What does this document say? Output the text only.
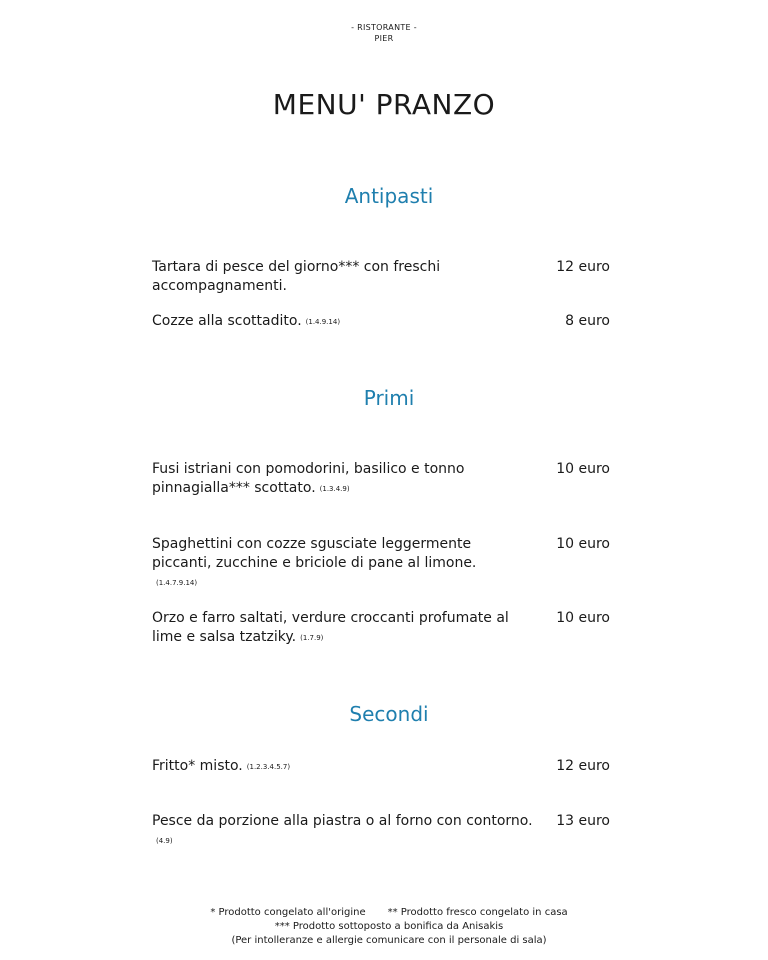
- RISTORANTE -
PIER
MENU' PRANZO
Antipasti
Tartara di pesce del giorno*** con freschi accompagnamenti.
12 euro
Cozze alla scottadito. (1.4.9.14)	8 euro
Primi
Fusi istriani con pomodorini, basilico e tonno pinnagialla*** scottato. (1.3.4.9)
10 euro
Spaghettini con cozze sgusciate leggermente piccanti, zucchine e briciole di pane al limone.(1.4.7.9.14)
10 euro
Orzo e farro saltati, verdure croccanti profumate al lime e salsa tzatziky. (1.7.9)
10 euro
Secondi
Fritto* misto. (1.2.3.4.5.7)	12 euro
Pesce da porzione alla piastra o al forno con contorno.(4.9)
13 euro
* Prodotto congelato all'origine ** Prodotto fresco congelato in casa
*** Prodotto sottoposto a bonifica da Anisakis
(Per intolleranze e allergie comunicare con il personale di sala)
